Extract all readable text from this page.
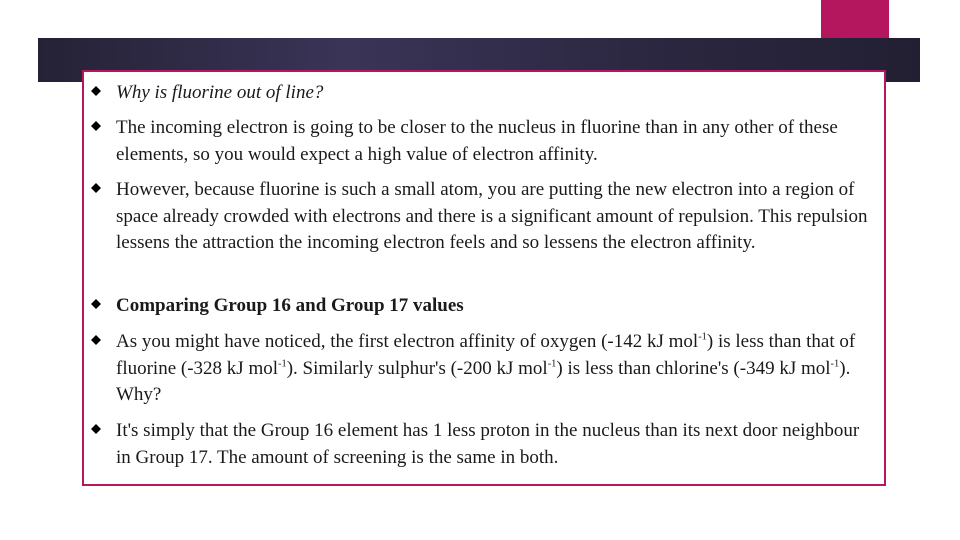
Why is fluorine out of line?
The incoming electron is going to be closer to the nucleus in fluorine than in any other of these elements, so you would expect a high value of electron affinity.
However, because fluorine is such a small atom, you are putting the new electron into a region of space already crowded with electrons and there is a significant amount of repulsion. This repulsion lessens the attraction the incoming electron feels and so lessens the electron affinity.
Comparing Group 16 and Group 17 values
As you might have noticed, the first electron affinity of oxygen (-142 kJ mol$^{-1}$) is less than that of fluorine (-328 kJ mol$^{-1}$). Similarly sulphur's (-200 kJ mol$^{-1}$) is less than chlorine's (-349 kJ mol$^{-1}$). Why?
It's simply that the Group 16 element has 1 less proton in the nucleus than its next door neighbour in Group 17. The amount of screening is the same in both.
